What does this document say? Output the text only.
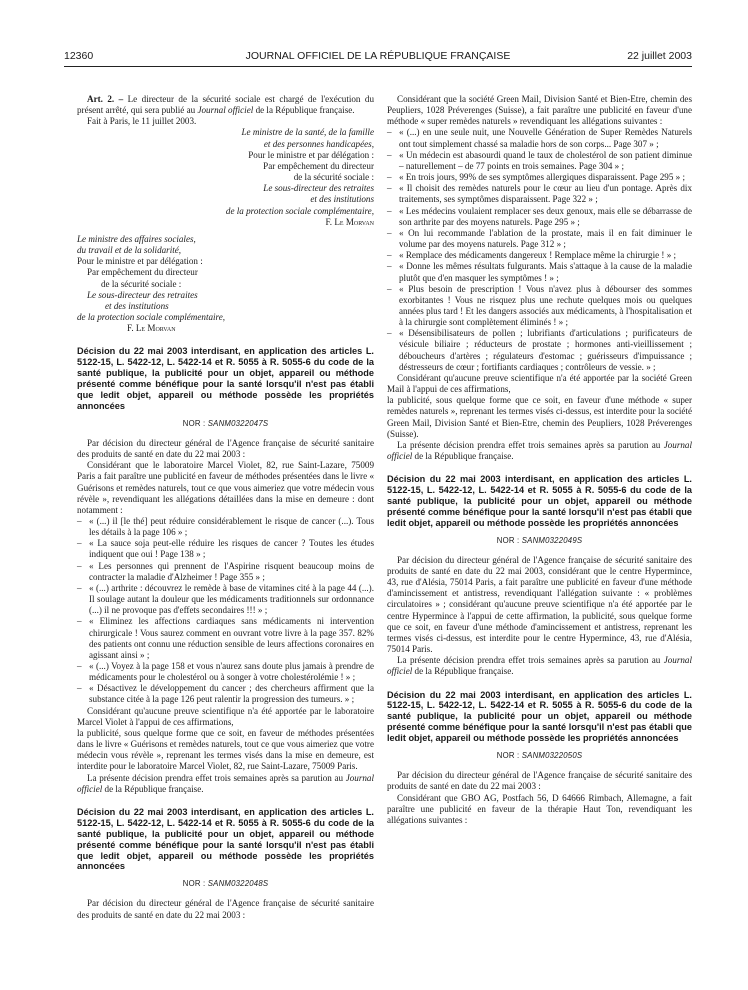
12360	JOURNAL OFFICIEL DE LA RÉPUBLIQUE FRANÇAISE	22 juillet 2003

Art. 2. – Le directeur de la sécurité sociale est chargé de l'exécution du présent arrêté, qui sera publié au Journal officiel de la République française.

Fait à Paris, le 11 juillet 2003.

Le ministre de la santé, de la famille
et des personnes handicapées,
Pour le ministre et par délégation :
Par empêchement du directeur
de la sécurité sociale :
Le sous-directeur des retraites
et des institutions
de la protection sociale complémentaire,
F. Le Morvan
Le ministre des affaires sociales,
du travail et de la solidarité,
Pour le ministre et par délégation :
Par empêchement du directeur
de la sécurité sociale :
Le sous-directeur des retraites
et des institutions
de la protection sociale complémentaire,
F. Le Morvan
Décision du 22 mai 2003 interdisant, en application des articles L. 5122-15, L. 5422-12, L. 5422-14 et R. 5055 à R. 5055-6 du code de la santé publique, la publicité pour un objet, appareil ou méthode présenté comme bénéfique pour la santé lorsqu'il n'est pas établi que ledit objet, appareil ou méthode possède les propriétés annoncées
NOR : SANM0322047S

Par décision du directeur général de l'Agence française de sécurité sanitaire des produits de santé en date du 22 mai 2003 :

Considérant que le laboratoire Marcel Violet, 82, rue Saint-Lazare, 75009 Paris a fait paraître une publicité en faveur de méthodes présentées dans le livre « Guérisons et remèdes naturels, tout ce que vous aimeriez que votre médecin vous révèle », revendiquant les allégations détaillées dans la mise en demeure : dont notamment :

– « (...) il [le thé] peut réduire considérablement le risque de cancer (...). Tous les détails à la page 106 » ;
– « La sauce soja peut-elle réduire les risques de cancer ? Toutes les études indiquent que oui ! Page 138 » ;
– « Les personnes qui prennent de l'Aspirine risquent beaucoup moins de contracter la maladie d'Alzheimer ! Page 355 » ;
– « (...) arthrite : découvrez le remède à base de vitamines cité à la page 44 (...). Il soulage autant la douleur que les médicaments traditionnels sur ordonnance (...) il ne provoque pas d'effets secondaires !!! » ;
– « Eliminez les affections cardiaques sans médicaments ni intervention chirurgicale ! Vous saurez comment en ouvrant votre livre à la page 357. 82% des patients ont connu une réduction sensible de leurs affections coronaires en agissant ainsi » ;
– « (...) Voyez à la page 158 et vous n'aurez sans doute plus jamais à prendre de médicaments pour le cholestérol ou à songer à votre cholestérolémie ! » ;
– « Désactivez le développement du cancer ; des chercheurs affirment que la substance citée à la page 126 peut ralentir la progression des tumeurs. » ;

Considérant qu'aucune preuve scientifique n'a été apportée par le laboratoire Marcel Violet à l'appui de ces affirmations,

la publicité, sous quelque forme que ce soit, en faveur de méthodes présentées dans le livre « Guérisons et remèdes naturels, tout ce que vous aimeriez que votre médecin vous révèle », reprenant les termes visés dans la mise en demeure, est interdite pour le laboratoire Marcel Violet, 82, rue Saint-Lazare, 75009 Paris.

La présente décision prendra effet trois semaines après sa parution au Journal officiel de la République française.

Décision du 22 mai 2003 interdisant, en application des articles L. 5122-15, L. 5422-12, L. 5422-14 et R. 5055 à R. 5055-6 du code de la santé publique, la publicité pour un objet, appareil ou méthode présenté comme bénéfique pour la santé lorsqu'il n'est pas établi que ledit objet, appareil ou méthode possède les propriétés annoncées
NOR : SANM0322048S

Par décision du directeur général de l'Agence française de sécurité sanitaire des produits de santé en date du 22 mai 2003 :

Considérant que la société Green Mail, Division Santé et Bien-Etre, chemin des Peupliers, 1028 Préverenges (Suisse), a fait paraître une publicité en faveur d'une méthode « super remèdes naturels » revendiquant les allégations suivantes :

– « (...) en une seule nuit, une Nouvelle Génération de Super Remèdes Naturels ont tout simplement chassé sa maladie hors de son corps... Page 307 » ;
– « Un médecin est abasourdi quand le taux de cholestérol de son patient diminue – naturellement – de 77 points en trois semaines. Page 304 » ;
– « En trois jours, 99% de ses symptômes allergiques disparaissent. Page 295 » ;
– « Il choisit des remèdes naturels pour le cœur au lieu d'un pontage. Après dix traitements, ses symptômes disparaissent. Page 322 » ;
– « Les médecins voulaient remplacer ses deux genoux, mais elle se débarrasse de son arthrite par des moyens naturels. Page 295 » ;
– « On lui recommande l'ablation de la prostate, mais il en fait diminuer le volume par des moyens naturels. Page 312 » ;
– « Remplace des médicaments dangereux ! Remplace même la chirurgie ! » ;
– « Donne les mêmes résultats fulgurants. Mais s'attaque à la cause de la maladie plutôt que d'en masquer les symptômes ! » ;
– « Plus besoin de prescription ! Vous n'avez plus à débourser des sommes exorbitantes ! Vous ne risquez plus une rechute quelques mois ou quelques années plus tard ! Et les dangers associés aux médicaments, à l'hospitalisation et à la chirurgie sont complètement éliminés ! » ;
– « Désensibilisateurs de pollen ; lubrifiants d'articulations ; purificateurs de vésicule biliaire ; réducteurs de prostate ; hormones anti-vieillissement ; déboucheurs d'artères ; régulateurs d'estomac ; guérisseurs d'impuissance ; déstresseurs de cœur ; fortifiants cardiaques ; contrôleurs de vessie. » ;

Considérant qu'aucune preuve scientifique n'a été apportée par la société Green Mail à l'appui de ces affirmations,

la publicité, sous quelque forme que ce soit, en faveur d'une méthode « super remèdes naturels », reprenant les termes visés ci-dessus, est interdite pour la société Green Mail, Division Santé et Bien-Etre, chemin des Peupliers, 1028 Préverenges (Suisse).

La présente décision prendra effet trois semaines après sa parution au Journal officiel de la République française.

Décision du 22 mai 2003 interdisant, en application des articles L. 5122-15, L. 5422-12, L. 5422-14 et R. 5055 à R. 5055-6 du code de la santé publique, la publicité pour un objet, appareil ou méthode présenté comme bénéfique pour la santé lorsqu'il n'est pas établi que ledit objet, appareil ou méthode possède les propriétés annoncées
NOR : SANM0322049S

Par décision du directeur général de l'Agence française de sécurité sanitaire des produits de santé en date du 22 mai 2003, considérant que le centre Hypermince, 43, rue d'Alésia, 75014 Paris, a fait paraître une publicité en faveur d'une méthode d'amincissement et antistress, revendiquant l'allégation suivante : « problèmes circulatoires » ; considérant qu'aucune preuve scientifique n'a été apportée par le centre Hypermince à l'appui de cette affirmation, la publicité, sous quelque forme que ce soit, en faveur d'une méthode d'amincissement et antistress, reprenant les termes visés ci-dessus, est interdite pour le centre Hypermince, 43, rue d'Alésia, 75014 Paris.

La présente décision prendra effet trois semaines après sa parution au Journal officiel de la République française.

Décision du 22 mai 2003 interdisant, en application des articles L. 5122-15, L. 5422-12, L. 5422-14 et R. 5055 à R. 5055-6 du code de la santé publique, la publicité pour un objet, appareil ou méthode présenté comme bénéfique pour la santé lorsqu'il n'est pas établi que ledit objet, appareil ou méthode possède les propriétés annoncées
NOR : SANM0322050S

Par décision du directeur général de l'Agence française de sécurité sanitaire des produits de santé en date du 22 mai 2003 :

Considérant que GBO AG, Postfach 56, D 64666 Rimbach, Allemagne, a fait paraître une publicité en faveur de la thérapie Haut Ton, revendiquant les allégations suivantes :
